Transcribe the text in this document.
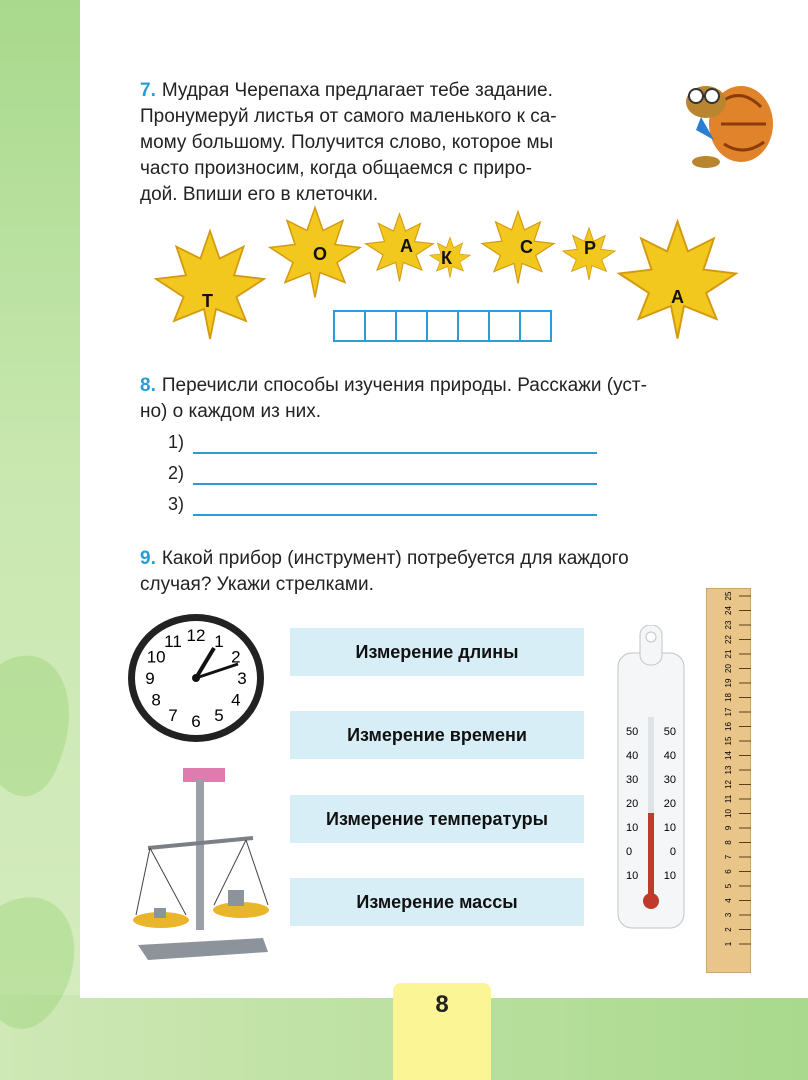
7. Мудрая Черепаха предлагает тебе задание.
Пронумеруй листья от самого маленького к са-
мому большому. Получится слово, которое мы
часто произносим, когда общаемся с приро-
дой. Впиши его в клеточки.
Т
О	А
К
С	Р
А
8. Перечисли способы изучения природы. Расскажи (уст-
но) о каждом из них.
1)
2)
3)
9. Какой прибор (инструмент) потребуется для каждого
случая? Укажи стрелками.
Измерение длины
Измерение времени
Измерение температуры
Измерение массы
12 1
2
3
4
5
6
7
8
9
10
11
50 50
40 40
30 30
20 20
10 10
0	0
10 10
25
24
23
22
21
20
19
18
17
16
15
14
13
12
11
10
9
8
7
6
5
4
3
2
1
8
